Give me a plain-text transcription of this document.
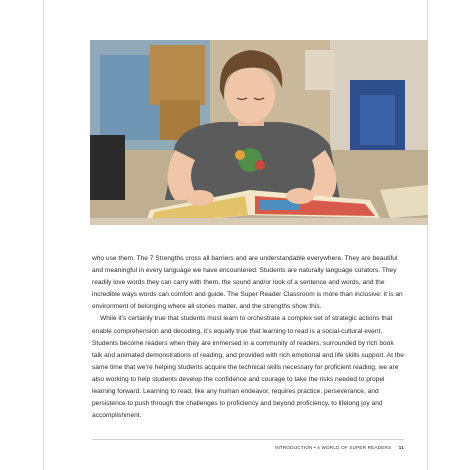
who use them. The 7 Strengths cross all barriers and are understandable everywhere. They are beautiful and meaningful in every language we have encountered. Students are naturally language curators. They readily love words they can carry with them, the sound and/or look of a sentence and words, and the incredible ways words can comfort and guide. The Super Reader Classroom is more than inclusive: it is an environment of belonging where all stories matter, and the strengths show this.

While it’s certainly true that students must learn to orchestrate a complex set of strategic actions that enable comprehension and decoding, it’s equally true that learning to read is a social-cultural event. Students become readers when they are immersed in a community of readers, surrounded by rich book talk and animated demonstrations of reading, and provided with rich emotional and life skills support. At the same time that we’re helping students acquire the technical skills necessary for proficient reading, we are also working to help students develop the confidence and courage to take the risks needed to propel learning forward. Learning to read, like any human endeavor, requires practice, perseverance, and persistence to push through the challenges to proficiency and beyond proficiency, to lifelong joy and accomplishment.

INTRODUCTION • A WORLD OF SUPER READERS 11
